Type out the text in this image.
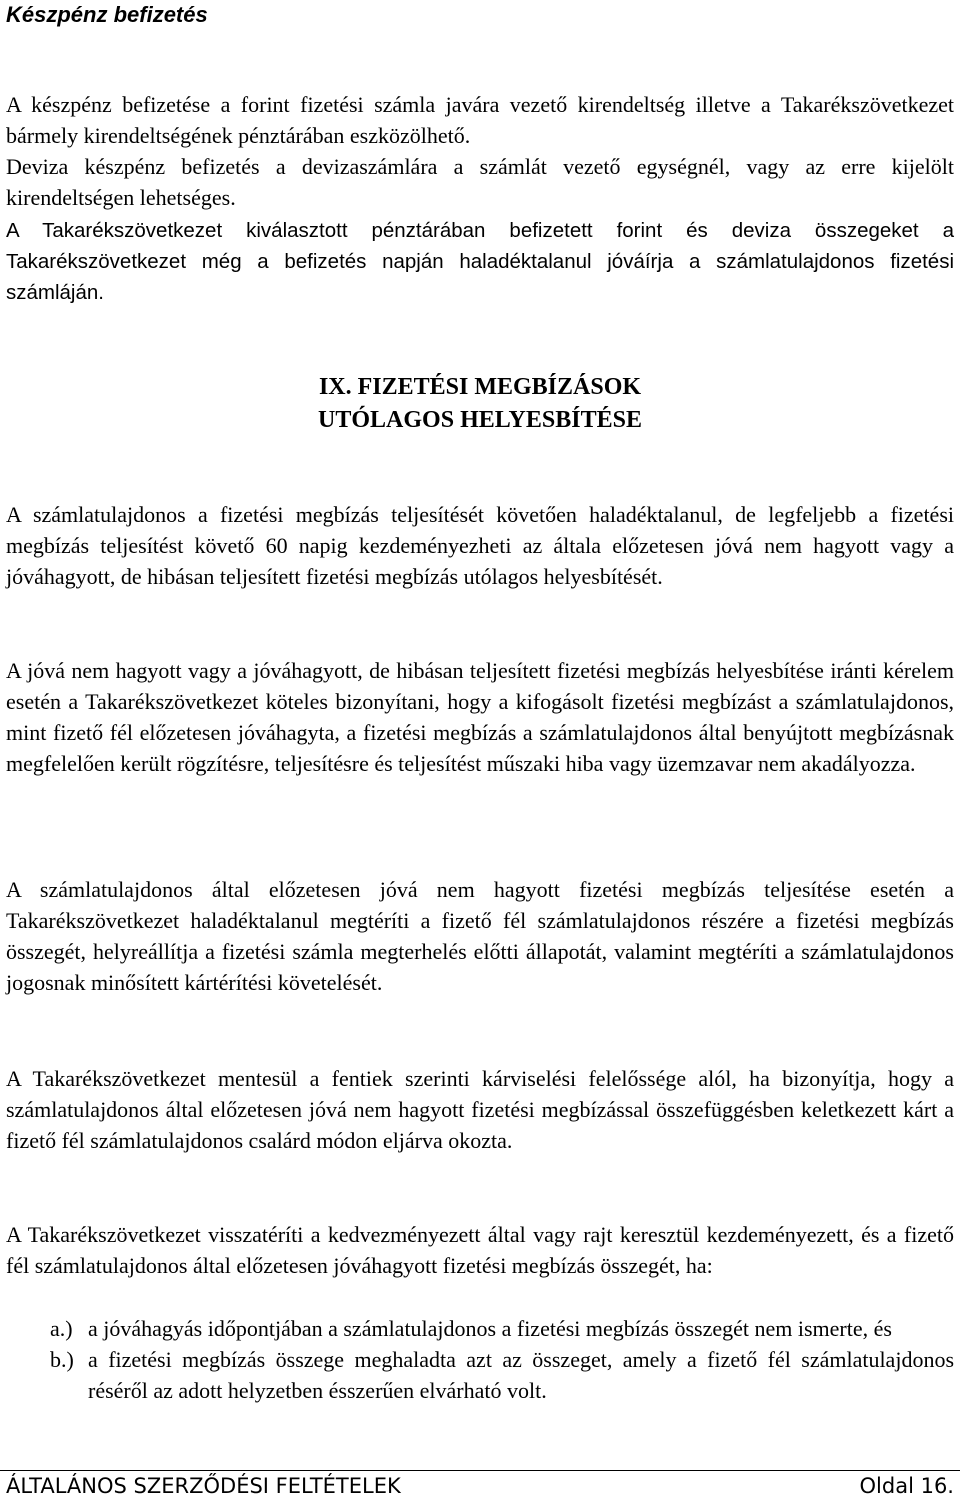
Készpénz befizetés

A készpénz befizetése a forint fizetési számla javára vezető kirendeltség illetve a Takarékszövetkezet bármely kirendeltségének pénztárában eszközölhető.

Deviza készpénz befizetés a devizaszámlára a számlát vezető egységnél, vagy az erre kijelölt kirendeltségen lehetséges.

A Takarékszövetkezet kiválasztott pénztárában befizetett forint és deviza összegeket a Takarékszövetkezet még a befizetés napján haladéktalanul jóváírja a számlatulajdonos fizetési számláján.

IX. FIZETÉSI MEGBÍZÁSOK
UTÓLAGOS HELYESBÍTÉSE

A számlatulajdonos a fizetési megbízás teljesítését követően haladéktalanul, de legfeljebb a fizetési megbízás teljesítést követő 60 napig kezdeményezheti az általa előzetesen jóvá nem hagyott vagy a jóváhagyott, de hibásan teljesített fizetési megbízás utólagos helyesbítését.

A jóvá nem hagyott vagy a jóváhagyott, de hibásan teljesített fizetési megbízás helyesbítése iránti kérelem esetén a Takarékszövetkezet köteles bizonyítani, hogy a kifogásolt fizetési megbízást a számlatulajdonos, mint fizető fél előzetesen jóváhagyta, a fizetési megbízás a számlatulajdonos által benyújtott megbízásnak megfelelően került rögzítésre, teljesítésre és teljesítést műszaki hiba vagy üzemzavar nem akadályozza.

A számlatulajdonos által előzetesen jóvá nem hagyott fizetési megbízás teljesítése esetén a Takarékszövetkezet haladéktalanul megtéríti a fizető fél számlatulajdonos részére a fizetési megbízás összegét, helyreállítja a fizetési számla megterhelés előtti állapotát, valamint megtéríti a számlatulajdonos jogosnak minősített kártérítési követelését.

A Takarékszövetkezet mentesül a fentiek szerinti kárviselési felelőssége alól, ha bizonyítja, hogy a számlatulajdonos által előzetesen jóvá nem hagyott fizetési megbízással összefüggésben keletkezett kárt a fizető fél számlatulajdonos csalárd módon eljárva okozta.

A Takarékszövetkezet visszatéríti a kedvezményezett által vagy rajt keresztül kezdeményezett, és a fizető fél számlatulajdonos által előzetesen jóváhagyott fizetési megbízás összegét, ha:

a.) a jóváhagyás időpontjában a számlatulajdonos a fizetési megbízás összegét nem ismerte, és
b.) a fizetési megbízás összege meghaladta azt az összeget, amely a fizető fél számlatulajdonos réséről az adott helyzetben ésszerűen elvárható volt.
ÁLTALÁNOS SZERZŐDÉSI FELTÉTELEK	Oldal 16.
